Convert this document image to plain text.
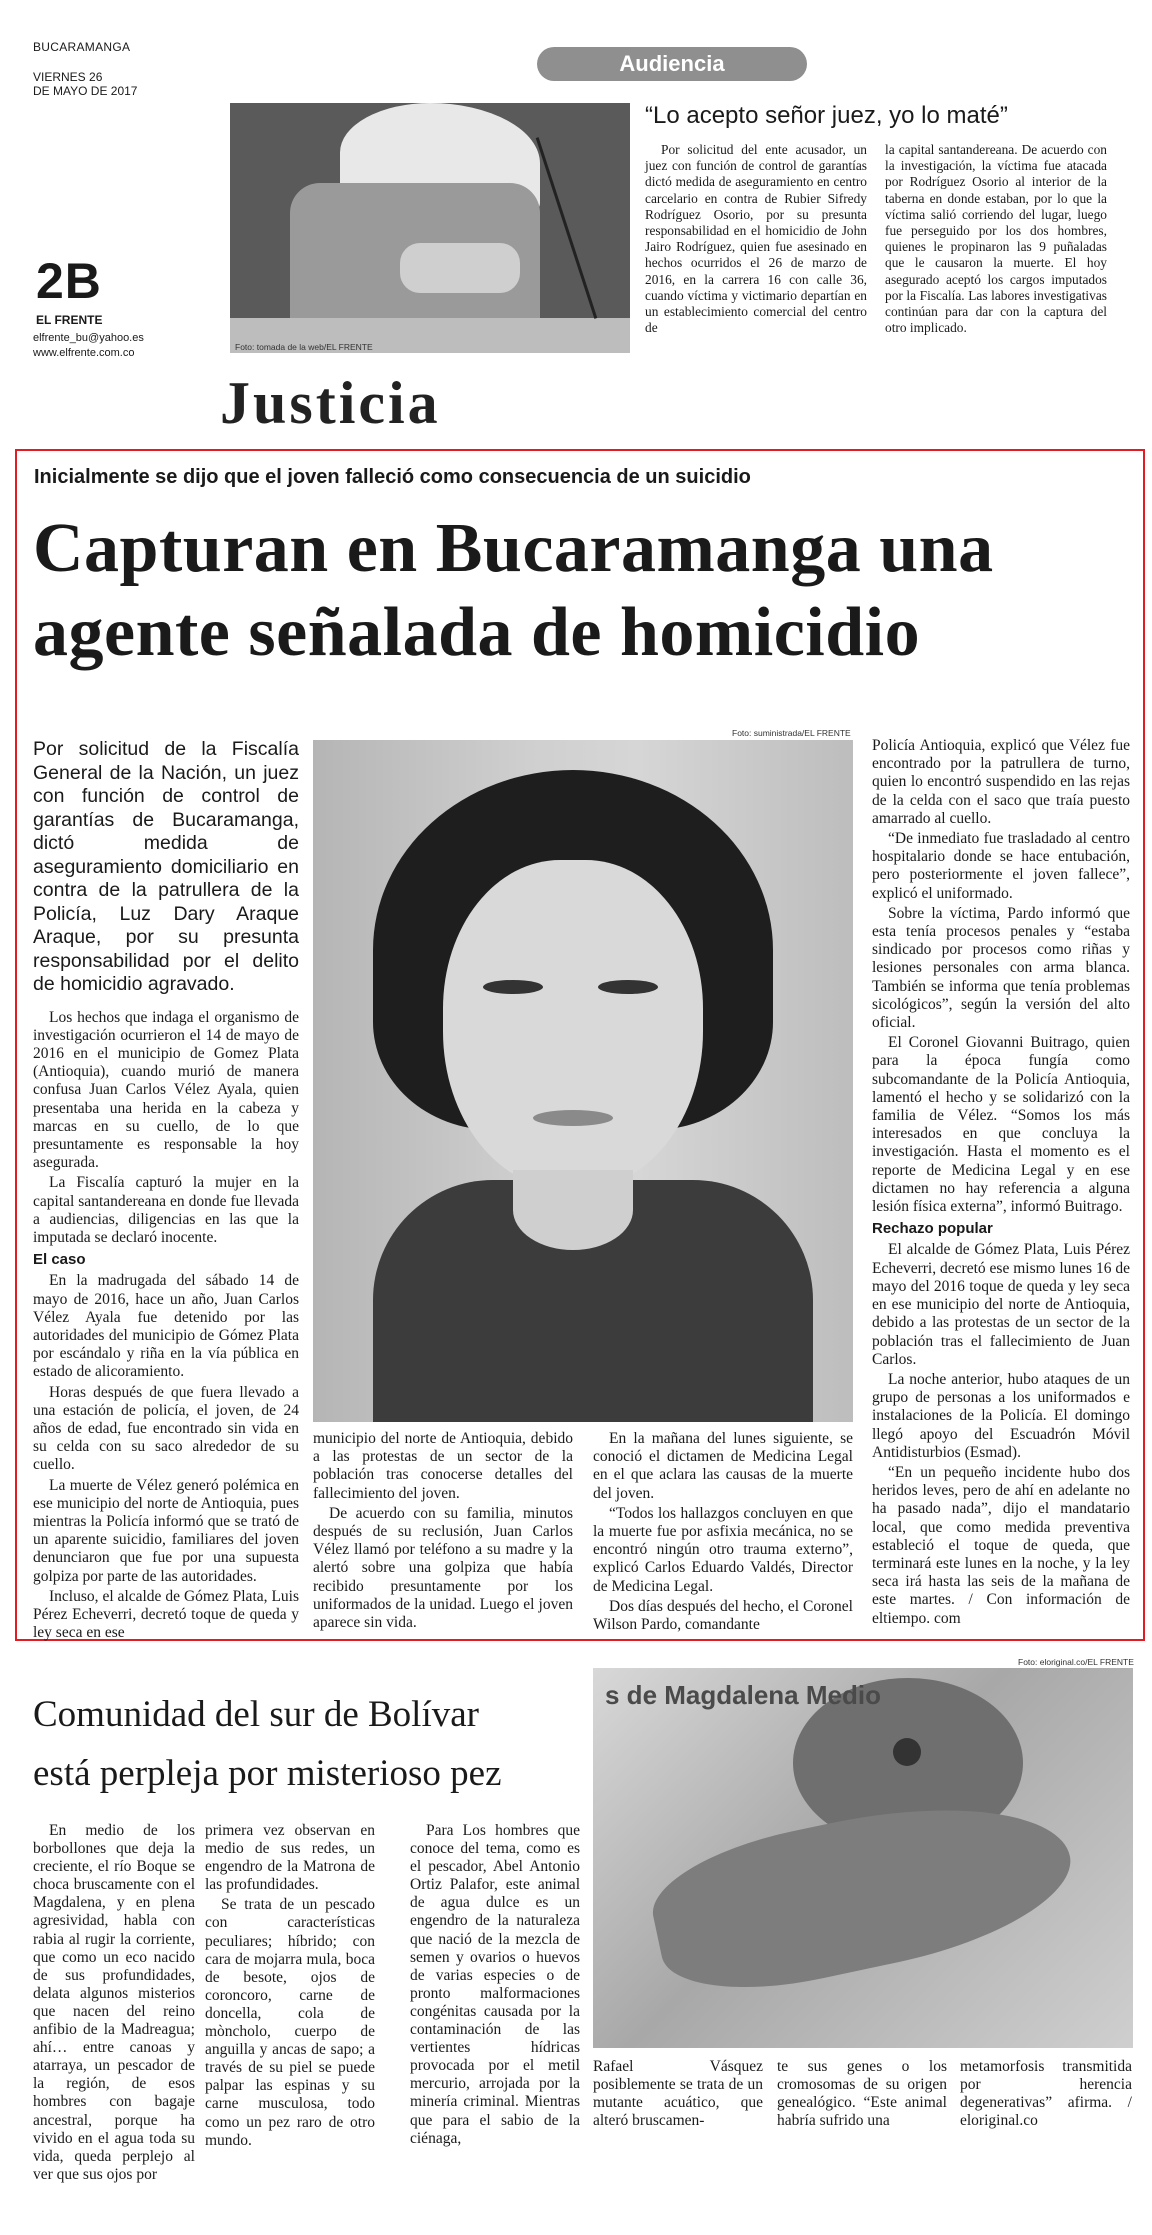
BUCARAMANGA
VIERNES 26
DE MAYO DE 2017
2B
EL FRENTE
elfrente_bu@yahoo.es
www.elfrente.com.co
Audiencia
Foto: tomada de la web/EL FRENTE
“Lo acepto señor juez, yo lo maté”

Por solicitud del ente acusador, un juez con función de control de garantías dictó medida de aseguramiento en centro carcelario en contra de Rubier Sifredy Rodríguez Osorio, por su presunta responsabilidad en el homicidio de John Jairo Rodríguez, quien fue asesinado en hechos ocurridos el 26 de marzo de 2016, en la carrera 16 con calle 36, cuando víctima y victimario departían en un establecimiento comercial del centro de

la capital santandereana. De acuerdo con la investigación, la víctima fue atacada por Rodríguez Osorio al interior de la taberna en donde estaban, por lo que la víctima salió corriendo del lugar, luego fue perseguido por los dos hombres, quienes le propinaron las 9 puñaladas que le causaron la muerte. El hoy asegurado aceptó los cargos imputados por la Fiscalía. Las labores investigativas continúan para dar con la captura del otro implicado.

Justicia
Inicialmente se dijo que el joven falleció como consecuencia de un suicidio
Capturan en Bucaramanga una
agente señalada de homicidio
Foto: suministrada/EL FRENTE

Por solicitud de la Fiscalía General de la Nación, un juez con función de control de garantías de Bucaramanga, dictó medida de aseguramiento domiciliario en contra de la patrullera de la Policía, Luz Dary Araque Araque, por su presunta responsabilidad por el delito de homicidio agravado.

Los hechos que indaga el organismo de investigación ocurrieron el 14 de mayo de 2016 en el municipio de Gomez Plata (Antioquia), cuando murió de manera confusa Juan Carlos Vélez Ayala, quien presentaba una herida en la cabeza y marcas en su cuello, de lo que presuntamente es responsable la hoy asegurada.

La Fiscalía capturó la mujer en la capital santandereana en donde fue llevada a audiencias, diligencias en las que la imputada se declaró inocente.

El caso

En la madrugada del sábado 14 de mayo de 2016, hace un año, Juan Carlos Vélez Ayala fue detenido por las autoridades del municipio de Gómez Plata por escándalo y riña en la vía pública en estado de alicoramiento.

Horas después de que fuera llevado a una estación de policía, el joven, de 24 años de edad, fue encontrado sin vida en su celda con su saco alrededor de su cuello.

La muerte de Vélez generó polémica en ese municipio del norte de Antioquia, pues mientras la Policía informó que se trató de un aparente suicidio, familiares del joven denunciaron que fue por una supuesta golpiza por parte de las autoridades.

Incluso, el alcalde de Gómez Plata, Luis Pérez Echeverri, decretó toque de queda y ley seca en ese

municipio del norte de Antioquia, debido a las protestas de un sector de la población tras conocerse detalles del fallecimiento del joven.

De acuerdo con su familia, minutos después de su reclusión, Juan Carlos Vélez llamó por teléfono a su madre y la alertó sobre una golpiza que había recibido presuntamente por los uniformados de la unidad. Luego el joven aparece sin vida.

En la mañana del lunes siguiente, se conoció el dictamen de Medicina Legal en el que aclara las causas de la muerte del joven.

“Todos los hallazgos concluyen en que la muerte fue por asfixia mecánica, no se encontró ningún otro trauma externo”, explicó Carlos Eduardo Valdés, Director de Medicina Legal.

Dos días después del hecho, el Coronel Wilson Pardo, comandante

Policía Antioquia, explicó que Vélez fue encontrado por la patrullera de turno, quien lo encontró suspendido en las rejas de la celda con el saco que traía puesto amarrado al cuello.

“De inmediato fue trasladado al centro hospitalario donde se hace entubación, pero posteriormente el joven fallece”, explicó el uniformado.

Sobre la víctima, Pardo informó que esta tenía procesos penales y “estaba sindicado por procesos como riñas y lesiones personales con arma blanca. También se informa que tenía problemas sicológicos”, según la versión del alto oficial.

El Coronel Giovanni Buitrago, quien para la época fungía como subcomandante de la Policía Antioquia, lamentó el hecho y se solidarizó con la familia de Vélez. “Somos los más interesados en que concluya la investigación. Hasta el momento es el reporte de Medicina Legal y en ese dictamen no hay referencia a alguna lesión física externa”, informó Buitrago.

Rechazo popular

El alcalde de Gómez Plata, Luis Pérez Echeverri, decretó ese mismo lunes 16 de mayo del 2016 toque de queda y ley seca en ese municipio del norte de Antioquia, debido a las protestas de un sector de la población tras el fallecimiento de Juan Carlos.

La noche anterior, hubo ataques de un grupo de personas a los uniformados e instalaciones de la Policía. El domingo llegó apoyo del Escuadrón Móvil Antidisturbios (Esmad).

“En un pequeño incidente hubo dos heridos leves, pero de ahí en adelante no ha pasado nada”, dijo el mandatario local, que como medida preventiva estableció el toque de queda, que terminará este lunes en la noche, y la ley seca irá hasta las seis de la mañana de este martes. / Con información de eltiempo. com

Comunidad del sur de Bolívar
está perpleja por misterioso pez
Foto: eloriginal.co/EL FRENTE
s de Magdalena Medio

En medio de los borbollones que deja la creciente, el río Boque se choca bruscamente con el Magdalena, y en plena agresividad, habla con rabia al rugir la corriente, que como un eco nacido de sus profundidades, delata algunos misterios que nacen del reino anfibio de la Madreagua; ahí… entre canoas y atarraya, un pescador de la región, de esos hombres con bagaje ancestral, porque ha vivido en el agua toda su vida, queda perplejo al ver que sus ojos por

primera vez observan en medio de sus redes, un engendro de la Matrona de las profundidades.

Se trata de un pescado con características peculiares; híbrido; con cara de mojarra mula, boca de besote, ojos de coroncoro, carne de doncella, cola de mòncholo, cuerpo de anguilla y ancas de sapo; a través de su piel se puede palpar las espinas y su carne musculosa, todo como un pez raro de otro mundo.

Para Los hombres que conoce del tema, como es el pescador, Abel Antonio Ortiz Palafor, este animal de agua dulce es un engendro de la naturaleza que nació de la mezcla de semen y ovarios o huevos de varias especies o de pronto malformaciones congénitas causada por la contaminación de las vertientes hídricas provocada por el metil mercurio, arrojada por la minería criminal. Mientras que para el sabio de la ciénaga,

Rafael Vásquez posiblemente se trata de un mutante acuático, que alteró bruscamen-

te sus genes o los cromosomas de su origen genealógico. “Este animal habría sufrido una

metamorfosis transmitida por herencia degenerativas” afirma. / eloriginal.co
